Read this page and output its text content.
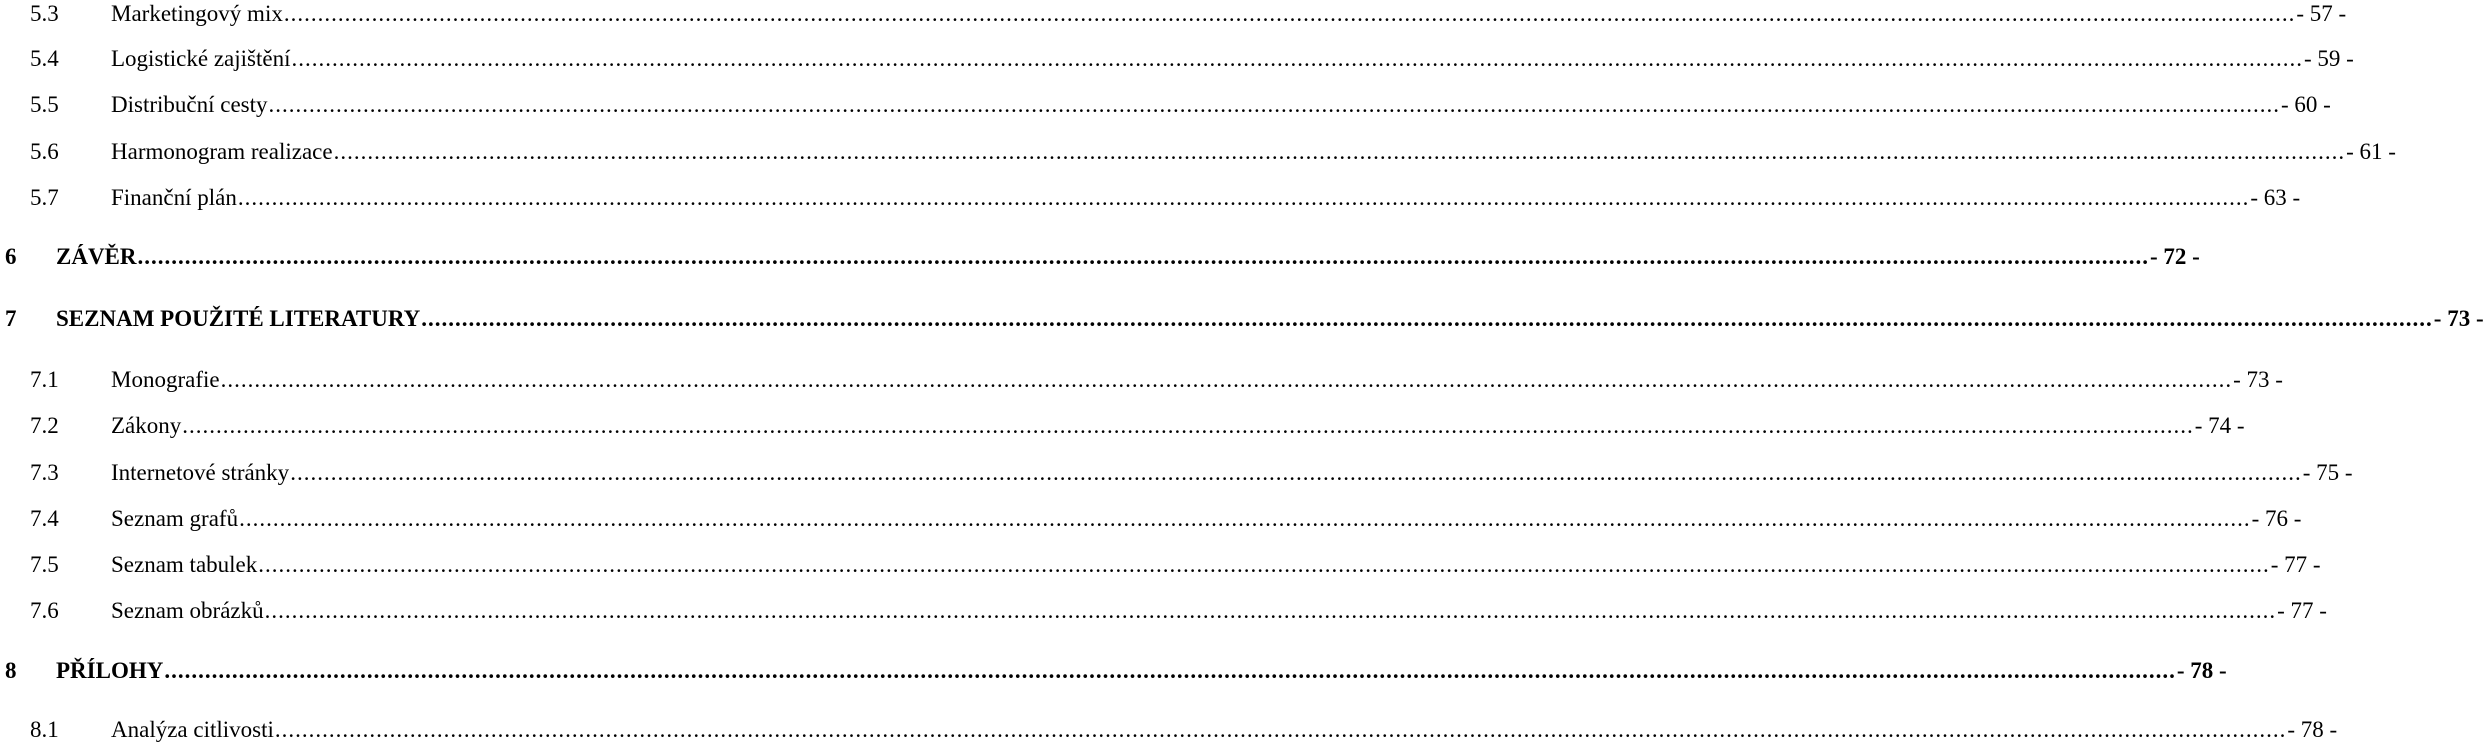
5.3	Marketingový mix .......................................................................................................................................................................................................................................................................................................... - 57 -
5.4	Logistické zajištění .......................................................................................................................................................................................................................................................................................................... - 59 -
5.5	Distribuční cesty .......................................................................................................................................................................................................................................................................................................... - 60 -
5.6	Harmonogram realizace .......................................................................................................................................................................................................................................................................................................... - 61 -
5.7	Finanční plán .......................................................................................................................................................................................................................................................................................................... - 63 -
6	ZÁVĚR .......................................................................................................................................................................................................................................................................................................... - 72 -
7	SEZNAM POUŽITÉ LITERATURY .......................................................................................................................................................................................................................................................................................................... - 73 -
7.1	Monografie .......................................................................................................................................................................................................................................................................................................... - 73 -
7.2	Zákony .......................................................................................................................................................................................................................................................................................................... - 74 -
7.3	Internetové stránky .......................................................................................................................................................................................................................................................................................................... - 75 -
7.4	Seznam grafů .......................................................................................................................................................................................................................................................................................................... - 76 -
7.5	Seznam tabulek .......................................................................................................................................................................................................................................................................................................... - 77 -
7.6	Seznam obrázků .......................................................................................................................................................................................................................................................................................................... - 77 -
8	PŘÍLOHY .......................................................................................................................................................................................................................................................................................................... - 78 -
8.1	Analýza citlivosti .......................................................................................................................................................................................................................................................................................................... - 78 -
